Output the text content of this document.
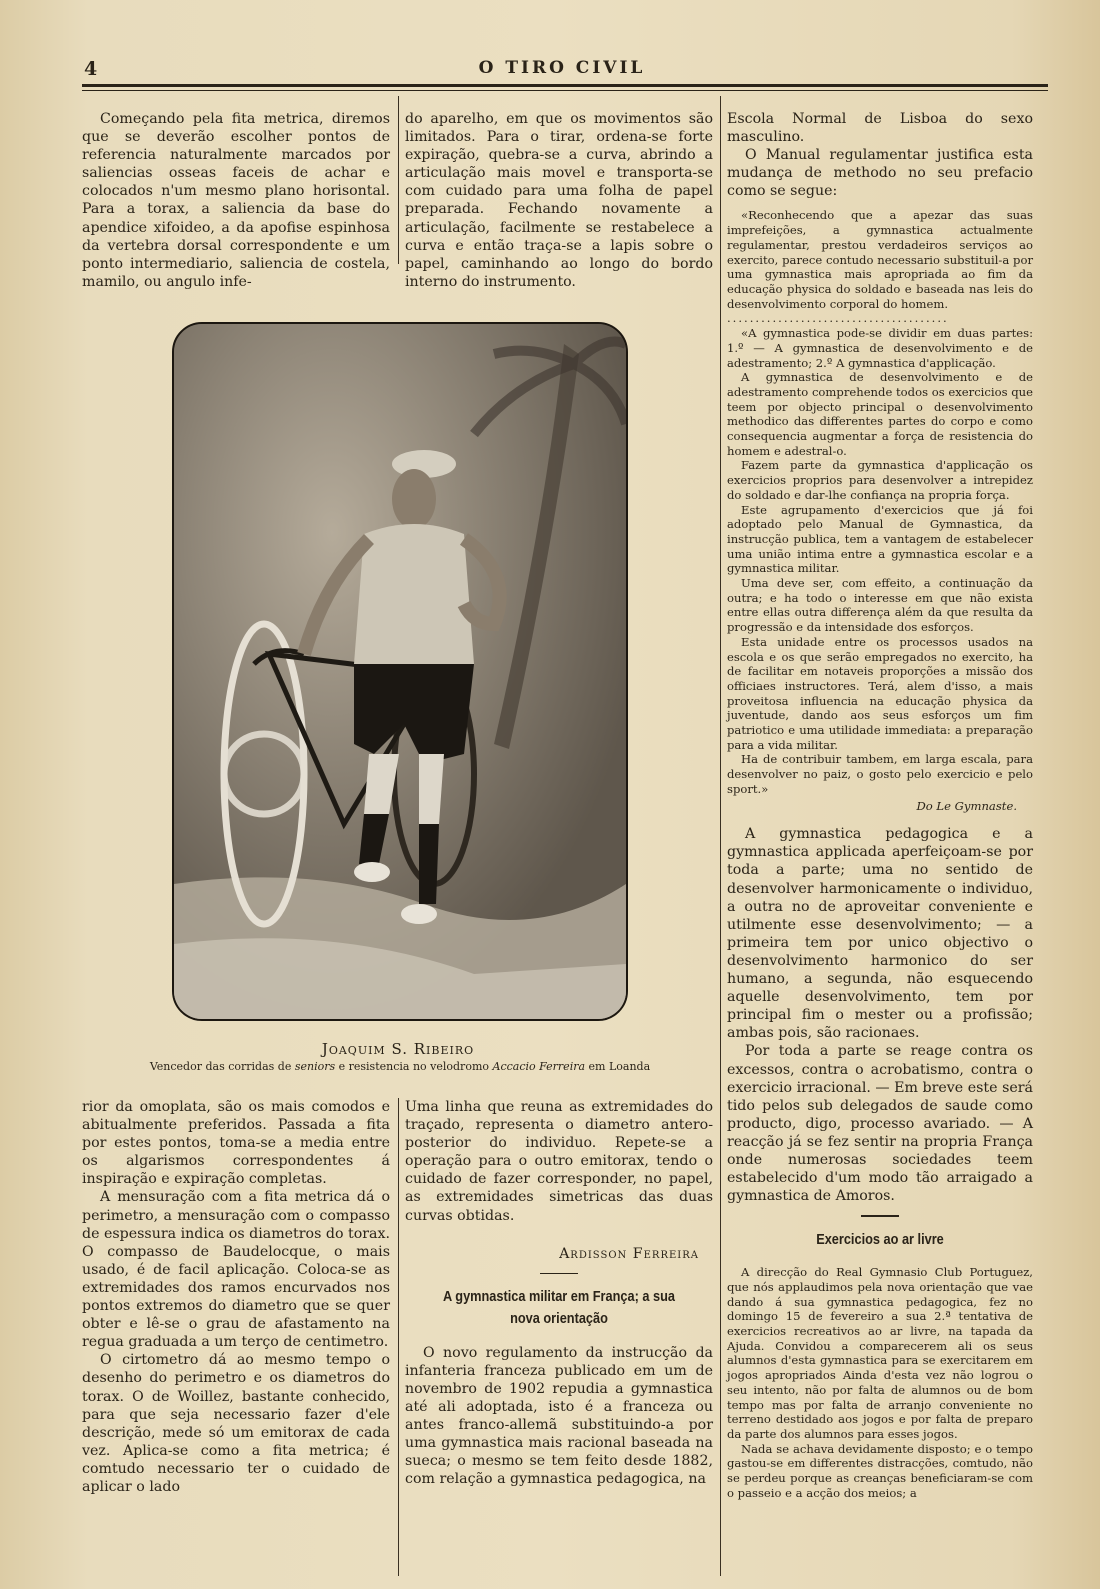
4	O TIRO CIVIL

Começando pela fita metrica, diremos que se deverão escolher pontos de referencia naturalmente marcados por saliencias osseas faceis de achar e colocados n'um mesmo plano horisontal. Para a torax, a saliencia da base do apendice xifoideo, a da apofise espinhosa da vertebra dorsal correspondente e um ponto intermediario, saliencia de costela, mamilo, ou angulo infe-

do aparelho, em que os movimentos são limitados. Para o tirar, ordena-se forte expiração, quebra-se a curva, abrindo a articulação mais movel e transporta-se com cuidado para uma folha de papel preparada. Fechando novamente a articulação, facilmente se restabelece a curva e então traça-se a lapis sobre o papel, caminhando ao longo do bordo interno do instrumento.

Joaquim S. Ribeiro
Vencedor das corridas de seniors e resistencia no velodromo Accacio Ferreira em Loanda

rior da omoplata, são os mais comodos e abitualmente preferidos. Passada a fita por estes pontos, toma-se a media entre os algarismos correspondentes á inspiração e expiração completas.

A mensuração com a fita metrica dá o perimetro, a mensuração com o compasso de espessura indica os diametros do torax. O compasso de Baudelocque, o mais usado, é de facil aplicação. Coloca-se as extremidades dos ramos encurvados nos pontos extremos do diametro que se quer obter e lê-se o grau de afastamento na regua graduada a um terço de centimetro.

O cirtometro dá ao mesmo tempo o desenho do perimetro e os diametros do torax. O de Woillez, bastante conhecido, para que seja necessario fazer d'ele descrição, mede só um emitorax de cada vez. Aplica-se como a fita metrica; é comtudo necessario ter o cuidado de aplicar o lado

Uma linha que reuna as extremidades do traçado, representa o diametro antero-posterior do individuo. Repete-se a operação para o outro emitorax, tendo o cuidado de fazer corresponder, no papel, as extremidades simetricas das duas curvas obtidas.

Ardisson Ferreira

A gymnastica militar em França; a sua nova orientação

O novo regulamento da instrucção da infanteria franceza publicado em um de novembro de 1902 repudia a gymnastica até ali adoptada, isto é a franceza ou antes franco-allemã substituindo-a por uma gymnastica mais racional baseada na sueca; o mesmo se tem feito desde 1882, com relação a gymnastica pedagogica, na

Escola Normal de Lisboa do sexo masculino.

O Manual regulamentar justifica esta mudança de methodo no seu prefacio como se segue:

«Reconhecendo que a apezar das suas imprefeições, a gymnastica actualmente regulamentar, prestou verdadeiros serviços ao exercito, parece contudo necessario substituil-a por uma gymnastica mais apropriada ao fim da educação physica do soldado e baseada nas leis do desenvolvimento corporal do homem.

.......................................

«A gymnastica pode-se dividir em duas partes: 1.º — A gymnastica de desenvolvimento e de adestramento; 2.º A gymnastica d'applicação.

A gymnastica de desenvolvimento e de adestramento comprehende todos os exercicios que teem por objecto principal o desenvolvimento methodico das differentes partes do corpo e como consequencia augmentar a força de resistencia do homem e adestral-o.

Fazem parte da gymnastica d'applicação os exercicios proprios para desenvolver a intrepidez do soldado e dar-lhe confiança na propria força.

Este agrupamento d'exercicios que já foi adoptado pelo Manual de Gymnastica, da instrucção publica, tem a vantagem de estabelecer uma união intima entre a gymnastica escolar e a gymnastica militar.

Uma deve ser, com effeito, a continuação da outra; e ha todo o interesse em que não exista entre ellas outra differença além da que resulta da progressão e da intensidade dos esforços.

Esta unidade entre os processos usados na escola e os que serão empregados no exercito, ha de facilitar em notaveis proporções a missão dos officiaes instructores. Terá, alem d'isso, a mais proveitosa influencia na educação physica da juventude, dando aos seus esforços um fim patriotico e uma utilidade immediata: a preparação para a vida militar.

Ha de contribuir tambem, em larga escala, para desenvolver no paiz, o gosto pelo exercicio e pelo sport.»

Do Le Gymnaste.

A gymnastica pedagogica e a gymnastica applicada aperfeiçoam-se por toda a parte; uma no sentido de desenvolver harmonicamente o individuo, a outra no de aproveitar conveniente e utilmente esse desenvolvimento; — a primeira tem por unico objectivo o desenvolvimento harmonico do ser humano, a segunda, não esquecendo aquelle desenvolvimento, tem por principal fim o mester ou a profissão; ambas pois, são racionaes.

Por toda a parte se reage contra os excessos, contra o acrobatismo, contra o exercicio irracional. — Em breve este será tido pelos sub delegados de saude como producto, digo, processo avariado. — A reacção já se fez sentir na propria França onde numerosas sociedades teem estabelecido d'um modo tão arraigado a gymnastica de Amoros.

Exercicios ao ar livre

A direcção do Real Gymnasio Club Portuguez, que nós applaudimos pela nova orientação que vae dando á sua gymnastica pedagogica, fez no domingo 15 de fevereiro a sua 2.ª tentativa de exercicios recreativos ao ar livre, na tapada da Ajuda. Convidou a comparecerem ali os seus alumnos d'esta gymnastica para se exercitarem em jogos apropriados Ainda d'esta vez não logrou o seu intento, não por falta de alumnos ou de bom tempo mas por falta de arranjo conveniente no terreno destidado aos jogos e por falta de preparo da parte dos alumnos para esses jogos.

Nada se achava devidamente disposto; e o tempo gastou-se em differentes distracções, comtudo, não se perdeu porque as creanças beneficiaram-se com o passeio e a acção dos meios; a
